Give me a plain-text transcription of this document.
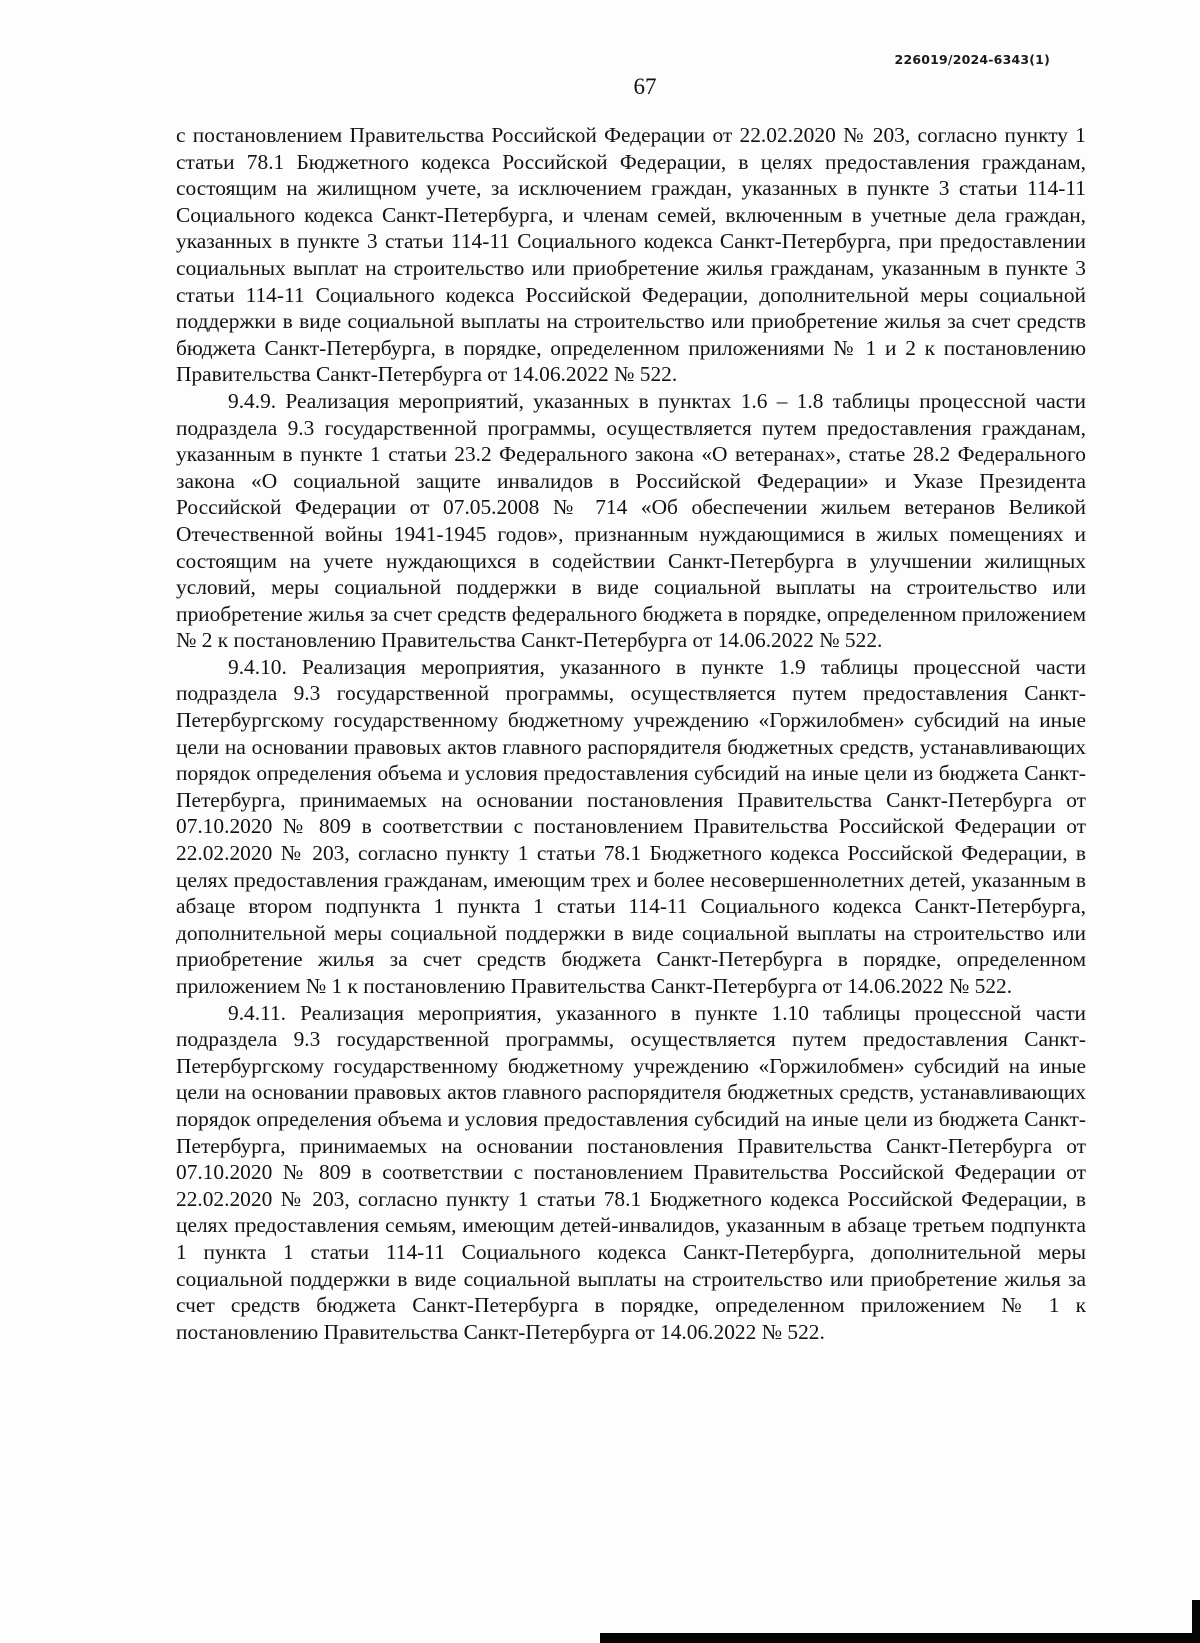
226019/2024-6343(1)
67

с постановлением Правительства Российской Федерации от 22.02.2020 № 203, согласно пункту 1 статьи 78.1 Бюджетного кодекса Российской Федерации, в целях предоставления гражданам, состоящим на жилищном учете, за исключением граждан, указанных в пункте 3 статьи 114-11 Социального кодекса Санкт-Петербурга, и членам семей, включенным в учетные дела граждан, указанных в пункте 3 статьи 114-11 Социального кодекса Санкт-Петербурга, при предоставлении социальных выплат на строительство или приобретение жилья гражданам, указанным в пункте 3 статьи 114-11 Социального кодекса Российской Федерации, дополнительной меры социальной поддержки в виде социальной выплаты на строительство или приобретение жилья за счет средств бюджета Санкт-Петербурга, в порядке, определенном приложениями № 1 и 2 к постановлению Правительства Санкт-Петербурга от 14.06.2022 № 522.

9.4.9. Реализация мероприятий, указанных в пунктах 1.6 – 1.8 таблицы процессной части подраздела 9.3 государственной программы, осуществляется путем предоставления гражданам, указанным в пункте 1 статьи 23.2 Федерального закона «О ветеранах», статье 28.2 Федерального закона «О социальной защите инвалидов в Российской Федерации» и Указе Президента Российской Федерации от 07.05.2008 № 714 «Об обеспечении жильем ветеранов Великой Отечественной войны 1941-1945 годов», признанным нуждающимися в жилых помещениях и состоящим на учете нуждающихся в содействии Санкт-Петербурга в улучшении жилищных условий, меры социальной поддержки в виде социальной выплаты на строительство или приобретение жилья за счет средств федерального бюджета в порядке, определенном приложением № 2 к постановлению Правительства Санкт-Петербурга от 14.06.2022 № 522.

9.4.10. Реализация мероприятия, указанного в пункте 1.9 таблицы процессной части подраздела 9.3 государственной программы, осуществляется путем предоставления Санкт-Петербургскому государственному бюджетному учреждению «Горжилобмен» субсидий на иные цели на основании правовых актов главного распорядителя бюджетных средств, устанавливающих порядок определения объема и условия предоставления субсидий на иные цели из бюджета Санкт-Петербурга, принимаемых на основании постановления Правительства Санкт-Петербурга от 07.10.2020 № 809 в соответствии с постановлением Правительства Российской Федерации от 22.02.2020 № 203, согласно пункту 1 статьи 78.1 Бюджетного кодекса Российской Федерации, в целях предоставления гражданам, имеющим трех и более несовершеннолетних детей, указанным в абзаце втором подпункта 1 пункта 1 статьи 114-11 Социального кодекса Санкт-Петербурга, дополнительной меры социальной поддержки в виде социальной выплаты на строительство или приобретение жилья за счет средств бюджета Санкт-Петербурга в порядке, определенном приложением № 1 к постановлению Правительства Санкт-Петербурга от 14.06.2022 № 522.

9.4.11. Реализация мероприятия, указанного в пункте 1.10 таблицы процессной части подраздела 9.3 государственной программы, осуществляется путем предоставления Санкт-Петербургскому государственному бюджетному учреждению «Горжилобмен» субсидий на иные цели на основании правовых актов главного распорядителя бюджетных средств, устанавливающих порядок определения объема и условия предоставления субсидий на иные цели из бюджета Санкт-Петербурга, принимаемых на основании постановления Правительства Санкт-Петербурга от 07.10.2020 № 809 в соответствии с постановлением Правительства Российской Федерации от 22.02.2020 № 203, согласно пункту 1 статьи 78.1 Бюджетного кодекса Российской Федерации, в целях предоставления семьям, имеющим детей-инвалидов, указанным в абзаце третьем подпункта 1 пункта 1 статьи 114-11 Социального кодекса Санкт-Петербурга, дополнительной меры социальной поддержки в виде социальной выплаты на строительство или приобретение жилья за счет средств бюджета Санкт-Петербурга в порядке, определенном приложением № 1 к постановлению Правительства Санкт-Петербурга от 14.06.2022 № 522.
